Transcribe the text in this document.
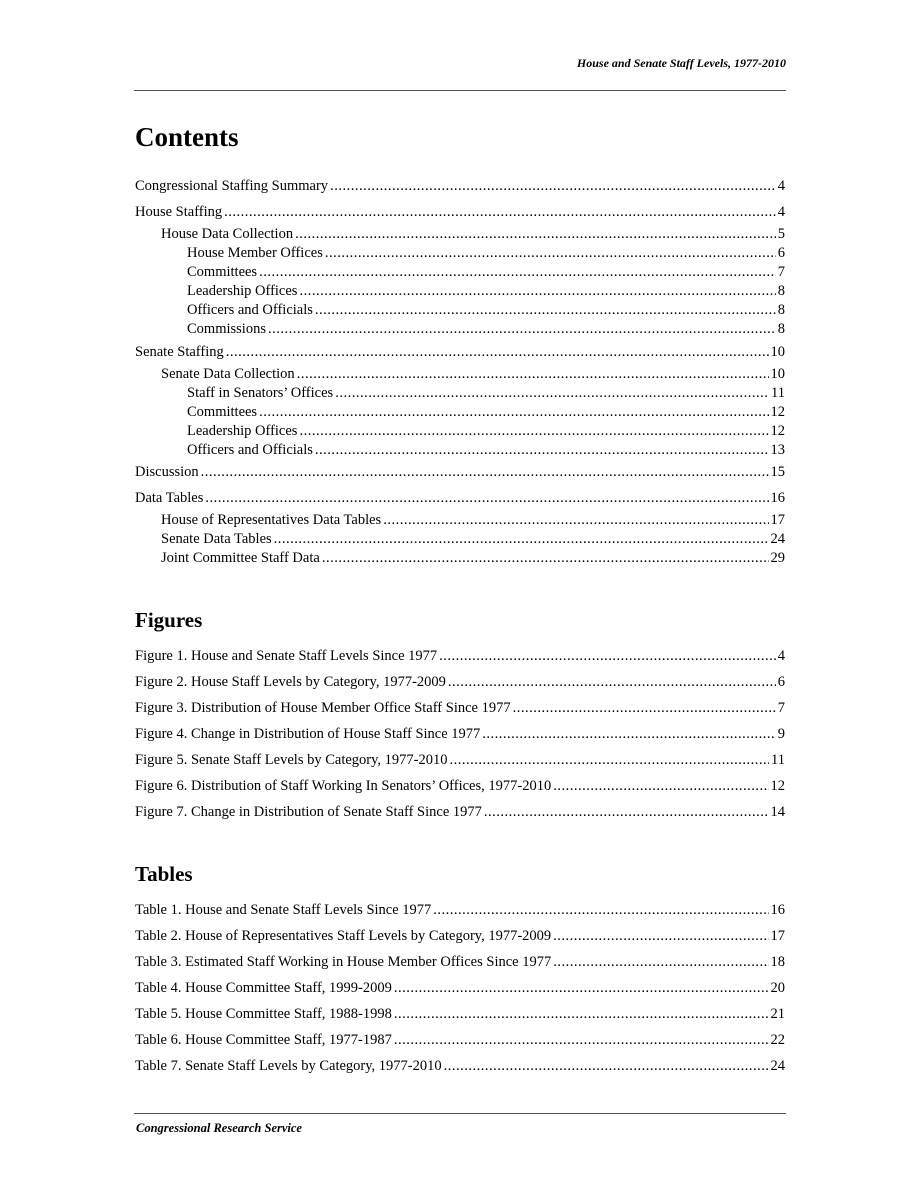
House and Senate Staff Levels, 1977-2010
Contents
Congressional Staffing Summary .....	4
House Staffing .....	4
House Data Collection .....	5
House Member Offices .....	6
Committees .....	7
Leadership Offices .....	8
Officers and Officials .....	8
Commissions .....	8
Senate Staffing .....	10
Senate Data Collection .....	10
Staff in Senators’ Offices .....	11
Committees .....	12
Leadership Offices .....	12
Officers and Officials .....	13
Discussion .....	15
Data Tables .....	16
House of Representatives Data Tables .....	17
Senate Data Tables .....	24
Joint Committee Staff Data .....	29
Figures
Figure 1. House and Senate Staff Levels Since 1977 .....	4
Figure 2. House Staff Levels by Category, 1977-2009 .....	6
Figure 3. Distribution of House Member Office Staff Since 1977 .....	7
Figure 4. Change in Distribution of House Staff Since 1977 .....	9
Figure 5. Senate Staff Levels by Category, 1977-2010 .....	11
Figure 6. Distribution of Staff Working In Senators’ Offices, 1977-2010 .....	12
Figure 7. Change in Distribution of Senate Staff Since 1977 .....	14
Tables
Table 1. House and Senate Staff Levels Since 1977 .....	16
Table 2. House of Representatives Staff Levels by Category, 1977-2009 .....	17
Table 3. Estimated Staff Working in House Member Offices Since 1977 .....	18
Table 4. House Committee Staff, 1999-2009 .....	20
Table 5. House Committee Staff, 1988-1998 .....	21
Table 6. House Committee Staff, 1977-1987 .....	22
Table 7. Senate Staff Levels by Category, 1977-2010 .....	24
Congressional Research Service
